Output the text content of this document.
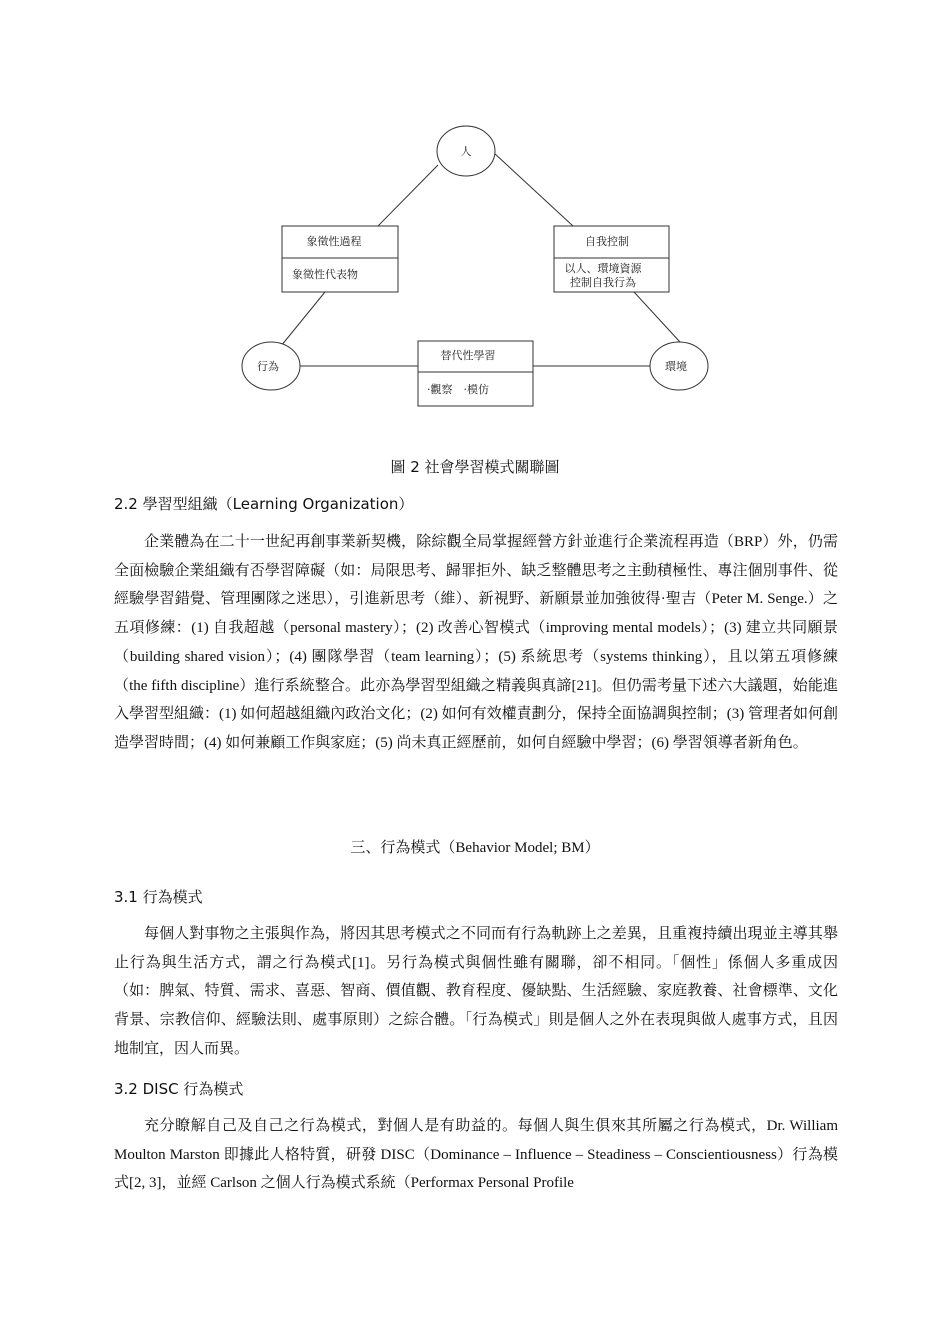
人
象徵性過程
象徵性代表物
自我控制
以人、環境資源
控制自我行為
行為	環境
替代性學習
·觀察　·模仿
圖 2 社會學習模式關聯圖
2.2 學習型組織（Learning Organization）
企業體為在二十一世紀再創事業新契機，除綜觀全局掌握經營方針並進行企業流程再造（BRP）外，仍需全面檢驗企業組織有否學習障礙（如：局限思考、歸罪拒外、缺乏整體思考之主動積極性、專注個別事件、從經驗學習錯覺、管理團隊之迷思），引進新思考（維）、新視野、新願景並加強彼得·聖吉（Peter M. Senge.）之五項修練：(1) 自我超越（personal mastery）；(2) 改善心智模式（improving mental models）；(3) 建立共同願景（building shared vision）；(4) 團隊學習（team learning）；(5) 系統思考（systems thinking），且以第五項修練（the fifth discipline）進行系統整合。此亦為學習型組織之精義與真諦[21]。但仍需考量下述六大議題，始能進入學習型組織：(1) 如何超越組織內政治文化；(2) 如何有效權責劃分，保持全面協調與控制；(3) 管理者如何創造學習時間；(4) 如何兼顧工作與家庭；(5) 尚未真正經歷前，如何自經驗中學習；(6) 學習領導者新角色。
三、行為模式（Behavior Model; BM）
3.1 行為模式
每個人對事物之主張與作為，將因其思考模式之不同而有行為軌跡上之差異，且重複持續出現並主導其舉止行為與生活方式，謂之行為模式[1]。另行為模式與個性雖有關聯，卻不相同。「個性」係個人多重成因（如：脾氣、特質、需求、喜惡、智商、價值觀、教育程度、優缺點、生活經驗、家庭教養、社會標準、文化背景、宗教信仰、經驗法則、處事原則）之綜合體。「行為模式」則是個人之外在表現與做人處事方式，且因地制宜，因人而異。
3.2 DISC 行為模式
充分瞭解自己及自己之行為模式，對個人是有助益的。每個人與生俱來其所屬之行為模式，Dr. William Moulton Marston 即據此人格特質，研發 DISC（Dominance – Influence – Steadiness – Conscientiousness）行為模式[2, 3]，並經 Carlson 之個人行為模式系統（Performax Personal Profile
